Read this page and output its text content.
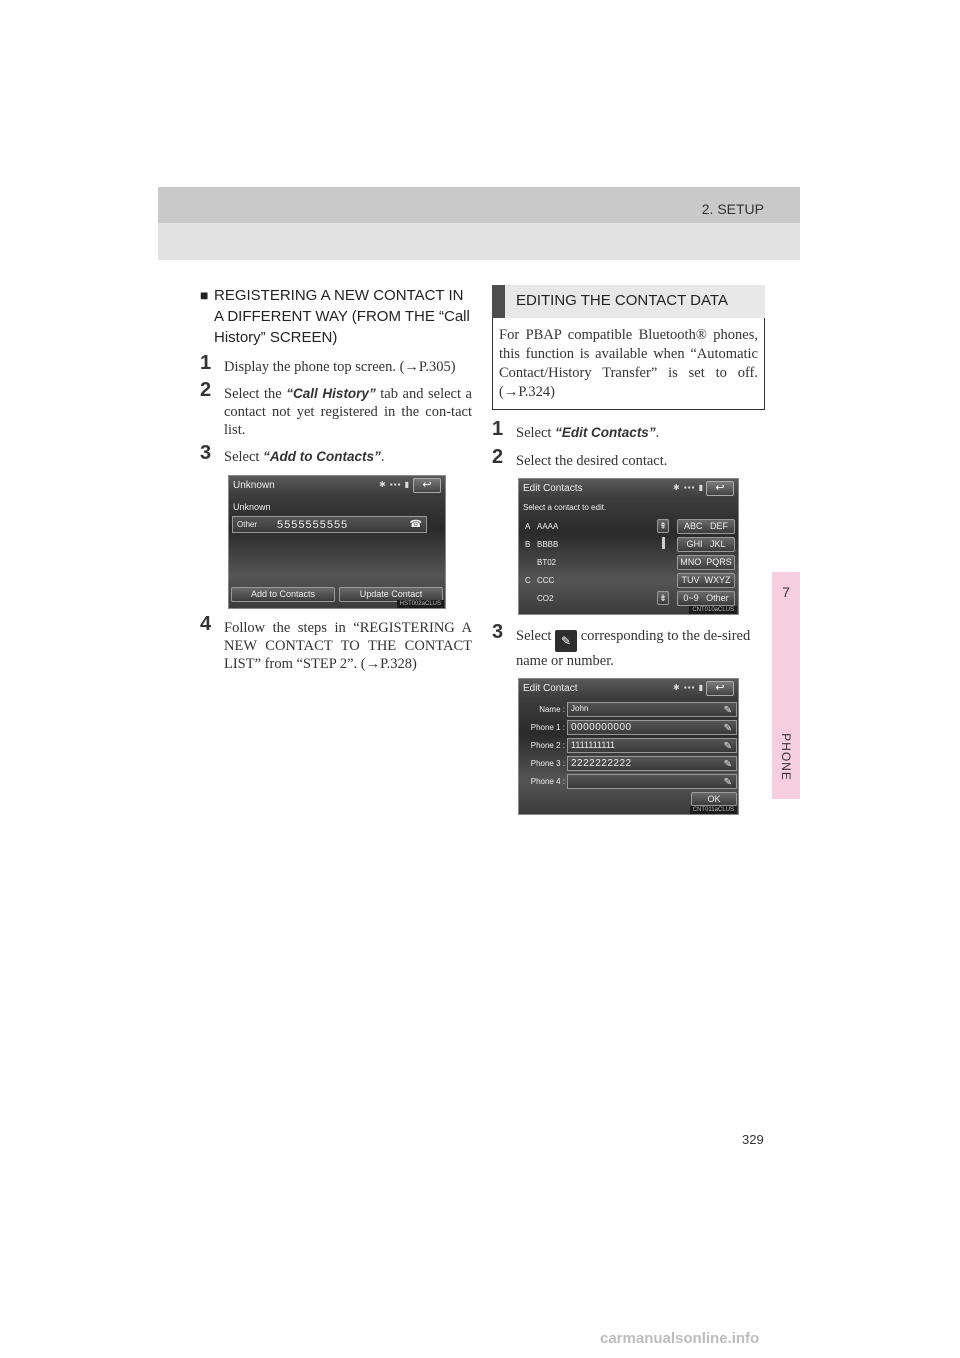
2. SETUP
7
PHONE
■ REGISTERING A NEW CONTACT IN A DIFFERENT WAY (FROM THE “Call History” SCREEN)
1 Display the phone top screen. (→P.305)
2 Select the “Call History” tab and select a contact not yet registered in the con-tact list.
3 Select “Add to Contacts”.
Unknown	✱ ▪▪▪ ▮	↩
Unknown
Other 5555555555	☎
Add to Contacts	Update Contact
HST002aCLUS
4 Follow the steps in “REGISTERING A NEW CONTACT TO THE CONTACT LIST” from “STEP 2”. (→P.328)
EDITING THE CONTACT DATA
For PBAP compatible Bluetooth® phones, this function is available when “Automatic Contact/History Transfer” is set to off. (→P.324)
1 Select “Edit Contacts”.
2 Select the desired contact.
Edit Contacts	✱ ▪▪▪ ▮	↩
Select a contact to edit.
A AAAA
B BBBB
BT02
C CCC
CO2
⇞
⇟
ABC DEF
GHI JKL
MNO PQRS
TUV WXYZ
0~9 Other
CNT010aCLUS
3 Select ✎ corresponding to the de-sired name or number.
Edit Contact	✱ ▪▪▪ ▮	↩
Name : John	✎
Phone 1 : 0000000000	✎
Phone 2 : 1111111111	✎
Phone 3 : 2222222222	✎
Phone 4 :	✎
OK
CNT011aCLUS
329
carmanualsonline.info
